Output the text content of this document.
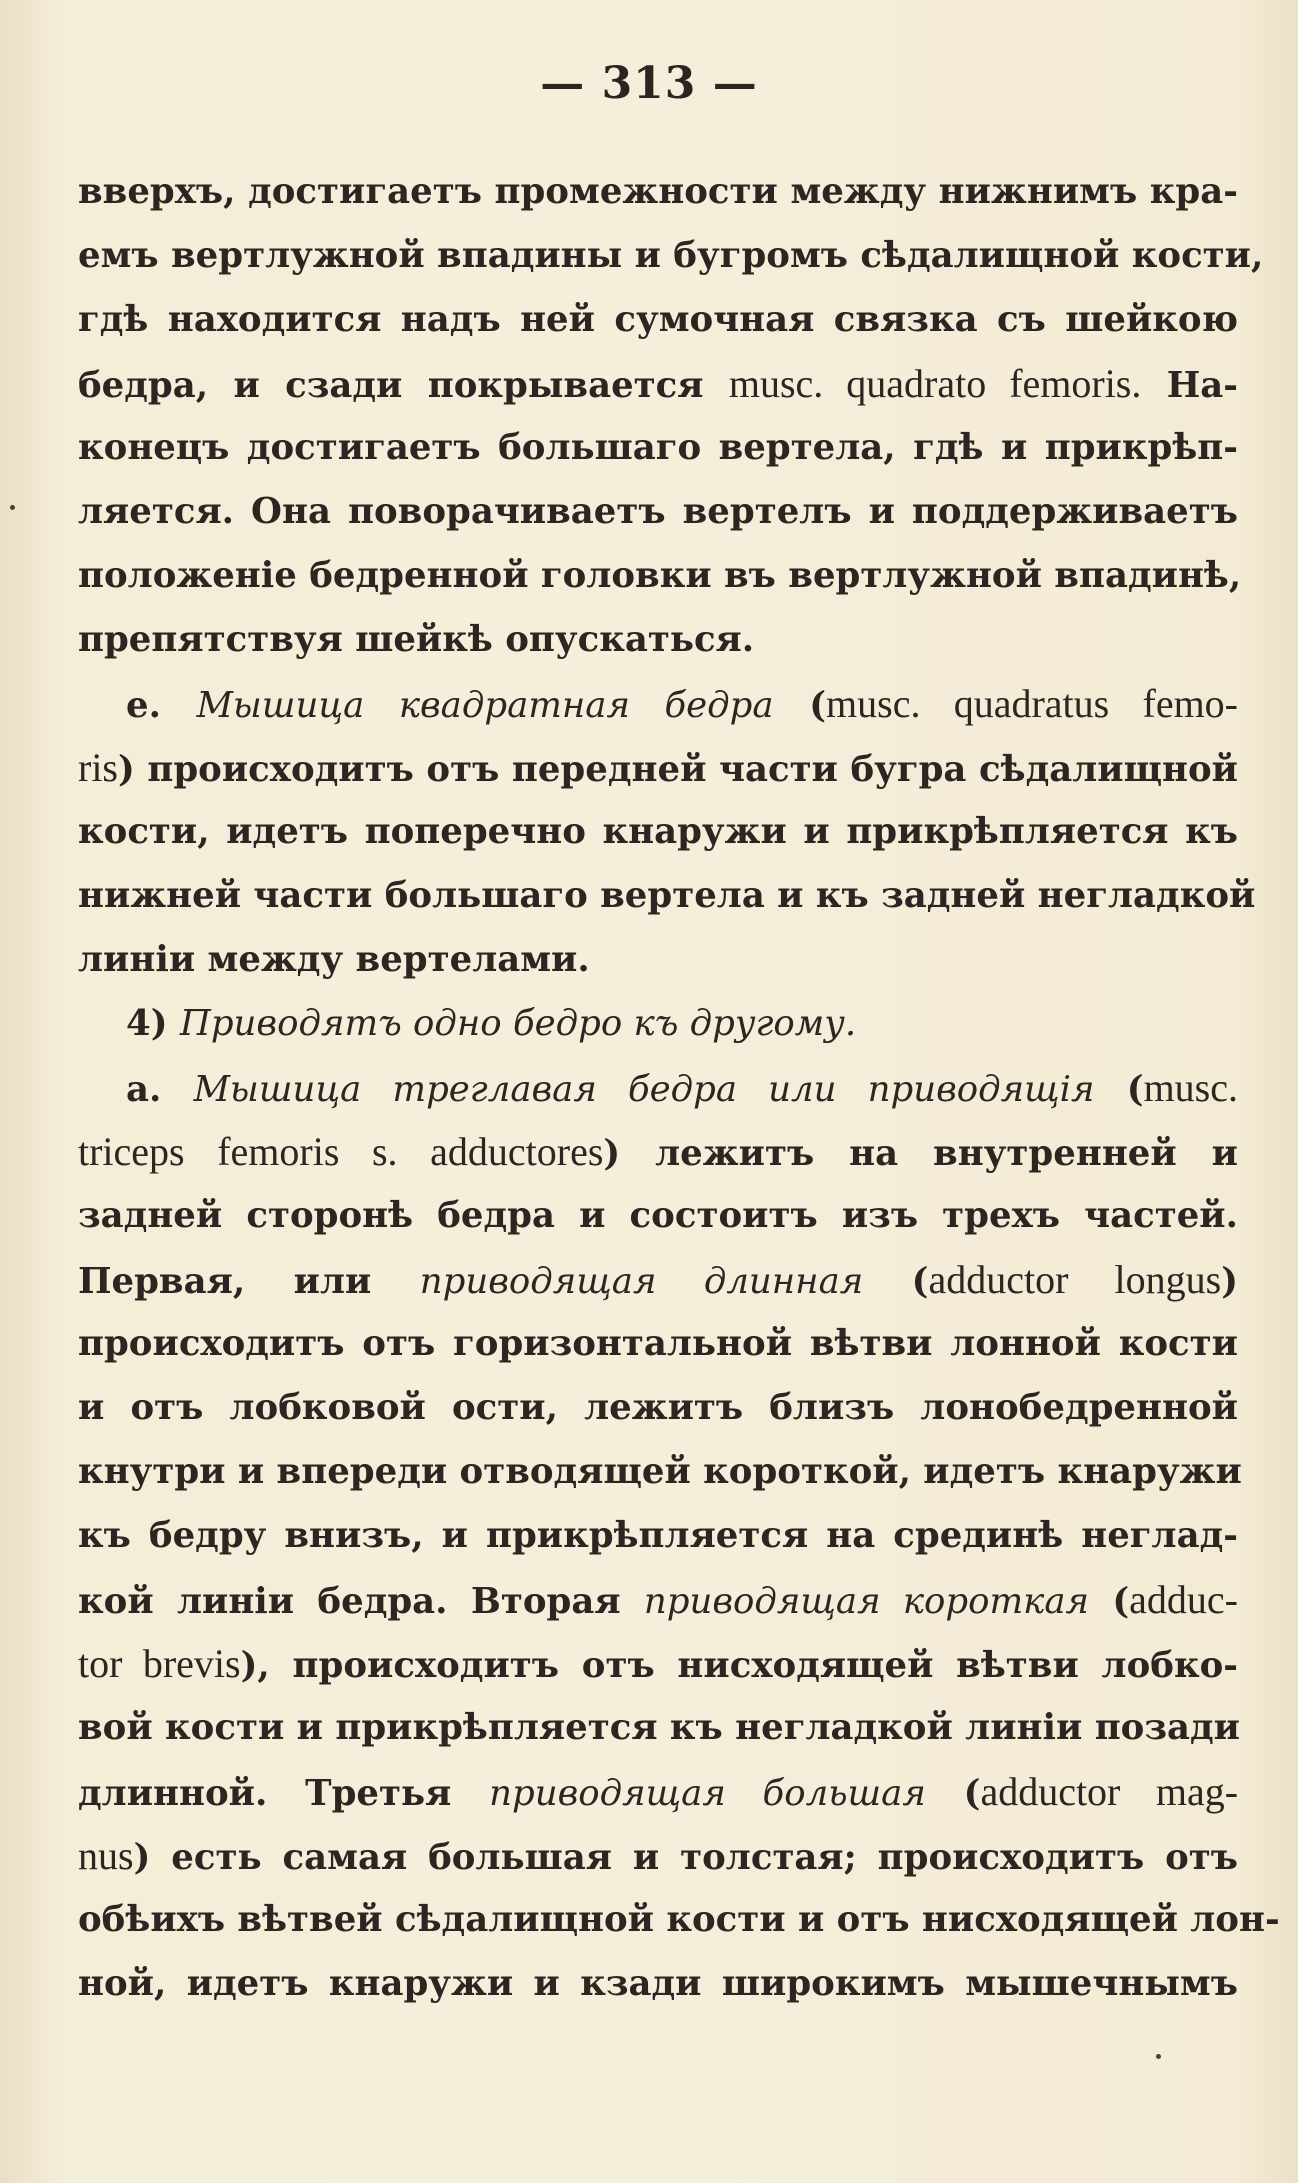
— 313 —
вверхъ, достигаетъ промежности между нижнимъ кра-
емъ вертлужной впадины и бугромъ сѣдалищной кости,
гдѣ находится надъ ней сумочная связка съ шейкою
бедра, и сзади покрывается musc. quadrato femoris. На-
конецъ достигаетъ большаго вертела, гдѣ и прикрѣп-
ляется. Она поворачиваетъ вертелъ и поддерживаетъ
положенiе бедренной головки въ вертлужной впадинѣ,
препятствуя шейкѣ опускаться.
e. Мышица квадратная бедра (musc. quadratus femo-
ris) происходитъ отъ передней части бугра сѣдалищной
кости, идетъ поперечно кнаружи и прикрѣпляется къ
нижней части большаго вертела и къ задней негладкой
линiи между вертелами.
4) Приводятъ одно бедро къ другому.
a. Мышица треглавая бедра или приводящiя (musc.
triceps femoris s. adductores) лежитъ на внутренней и
задней сторонѣ бедра и состоитъ изъ трехъ частей.
Первая, или приводящая длинная (adductor longus)
происходитъ отъ горизонтальной вѣтви лонной кости
и отъ лобковой ости, лежитъ близъ лонобедренной
кнутри и впереди отводящей короткой, идетъ кнаружи
къ бедру внизъ, и прикрѣпляется на срединѣ неглад-
кой линiи бедра. Вторая приводящая короткая (adduc-
tor brevis), происходитъ отъ нисходящей вѣтви лобко-
вой кости и прикрѣпляется къ негладкой линiи позади
длинной. Третья приводящая большая (adductor mag-
nus) есть самая большая и толстая; происходитъ отъ
обѣихъ вѣтвей сѣдалищной кости и отъ нисходящей лон-
ной, идетъ кнаружи и кзади широкимъ мышечнымъ
